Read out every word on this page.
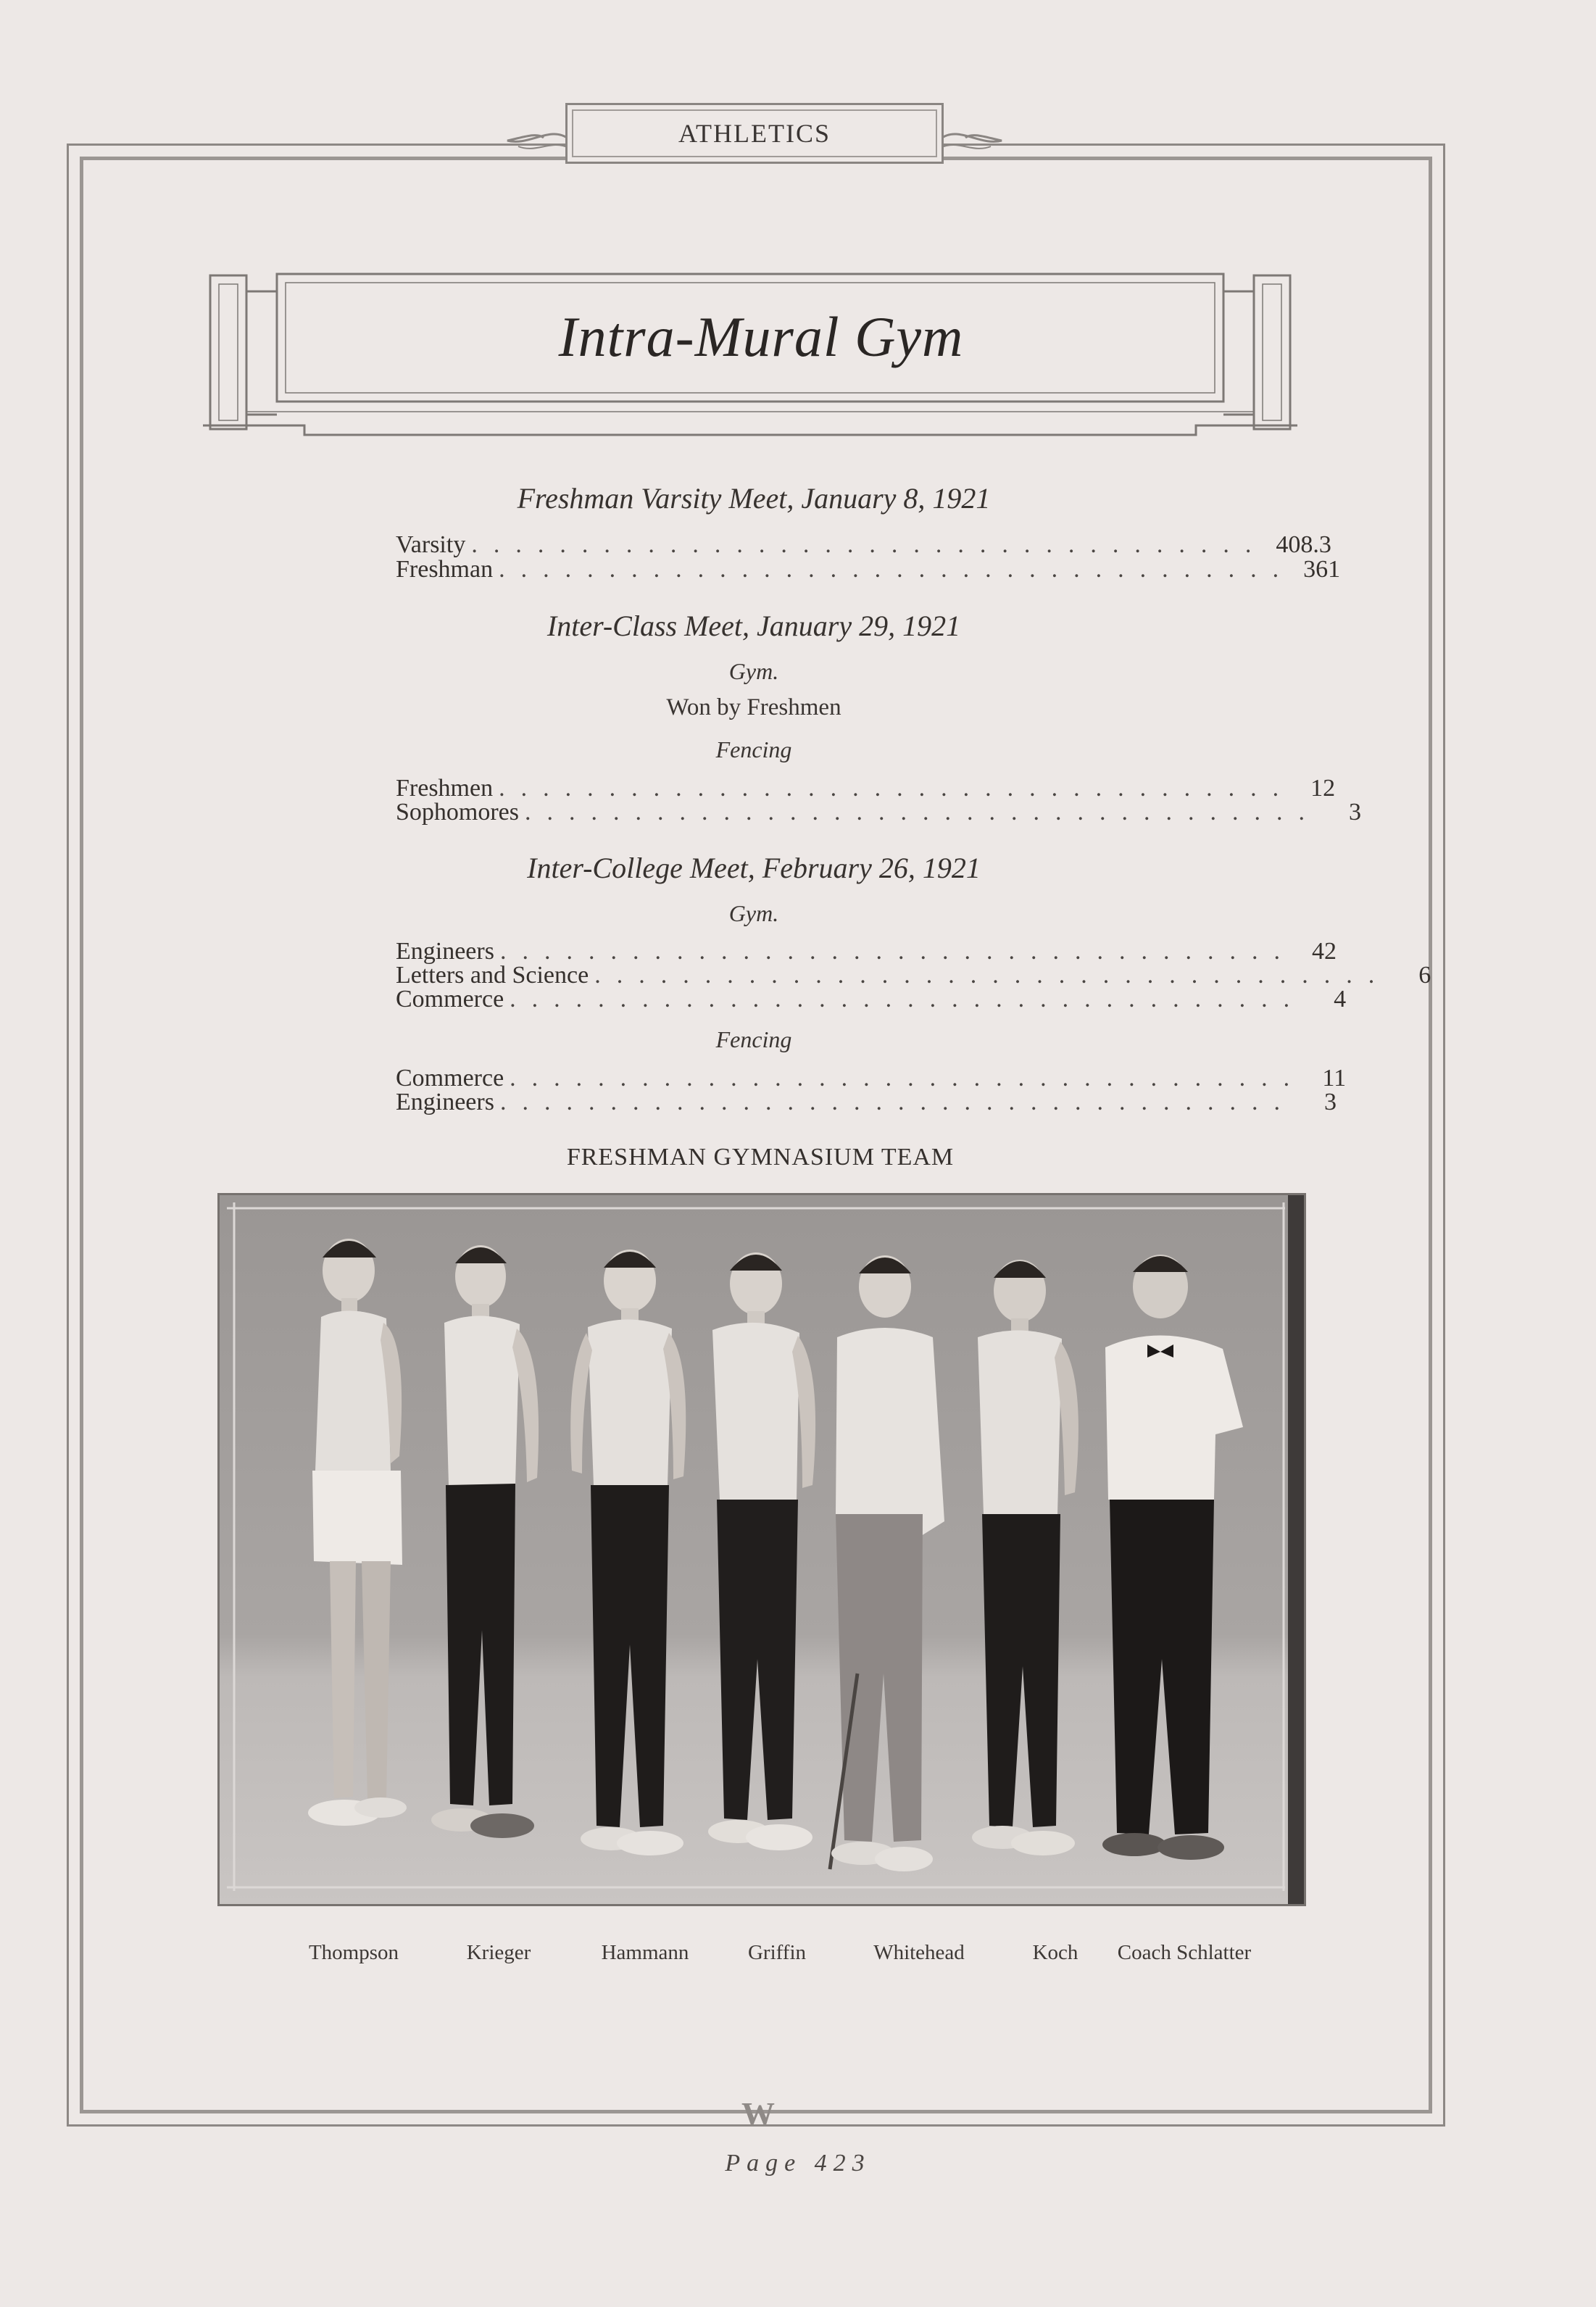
ATHLETICS
Intra-Mural Gym
Freshman Varsity Meet, January 8, 1921
Varsity .................................... 408.3
Freshman .................................... 361
Inter-Class Meet, January 29, 1921
Gym.
Won by Freshmen
Fencing
Freshmen .................................... 12
Sophomores ....................................	3
Inter-College Meet, February 26, 1921
Gym.
Engineers .................................... 42
Letters and Science ....................................	6
Commerce ....................................	4
Fencing
Commerce .................................... 11
Engineers ....................................	3
FRESHMAN GYMNASIUM TEAM
Thompson	Krieger	Hammann	Griffin	Whitehead	Koch Coach Schlatter
W
Page 423
